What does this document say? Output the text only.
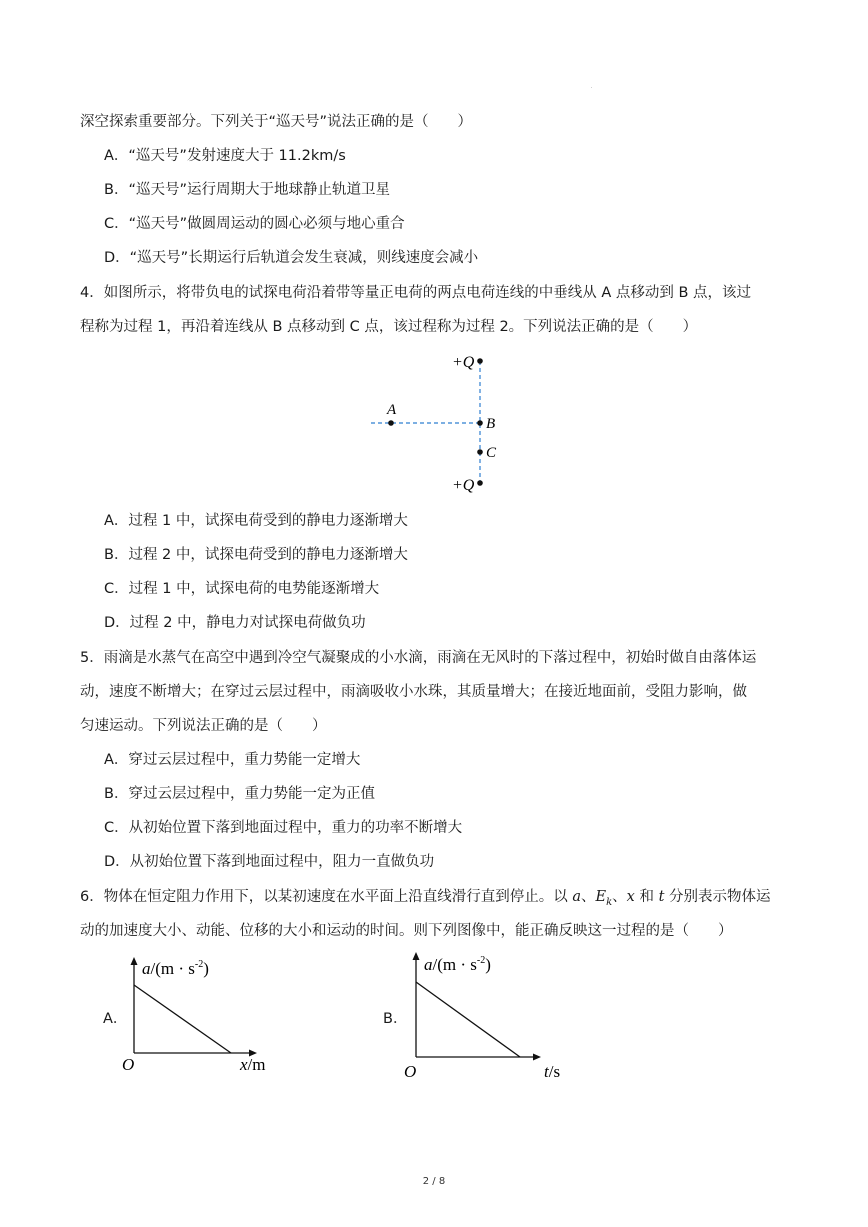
.
深空探索重要部分。下列关于“巡天号”说法正确的是（　　）
A．“巡天号”发射速度大于 11.2km/s
B．“巡天号”运行周期大于地球静止轨道卫星
C．“巡天号”做圆周运动的圆心必须与地心重合
D．“巡天号”长期运行后轨道会发生衰减，则线速度会减小
4．如图所示，将带负电的试探电荷沿着带等量正电荷的两点电荷连线的中垂线从 A 点移动到 B 点，该过
程称为过程 1，再沿着连线从 B 点移动到 C 点，该过程称为过程 2。下列说法正确的是（　　）
+Q
+Q
A
B
C
A．过程 1 中，试探电荷受到的静电力逐渐增大
B．过程 2 中，试探电荷受到的静电力逐渐增大
C．过程 1 中，试探电荷的电势能逐渐增大
D．过程 2 中，静电力对试探电荷做负功
5．雨滴是水蒸气在高空中遇到冷空气凝聚成的小水滴，雨滴在无风时的下落过程中，初始时做自由落体运
动，速度不断增大；在穿过云层过程中，雨滴吸收小水珠，其质量增大；在接近地面前，受阻力影响，做
匀速运动。下列说法正确的是（　　）
A．穿过云层过程中，重力势能一定增大
B．穿过云层过程中，重力势能一定为正值
C．从初始位置下落到地面过程中，重力的功率不断增大
D．从初始位置下落到地面过程中，阻力一直做负功
6．物体在恒定阻力作用下，以某初速度在水平面上沿直线滑行直到停止。以 a、$E_k$、x 和 t 分别表示物体运
动的加速度大小、动能、位移的大小和运动的时间。则下列图像中，能正确反映这一过程的是（　　）
A．
$a/(m \cdot s^{-2})$
O	x/m
B．
$a/(m \cdot s^{-2})$
O	t/s
2 / 8
